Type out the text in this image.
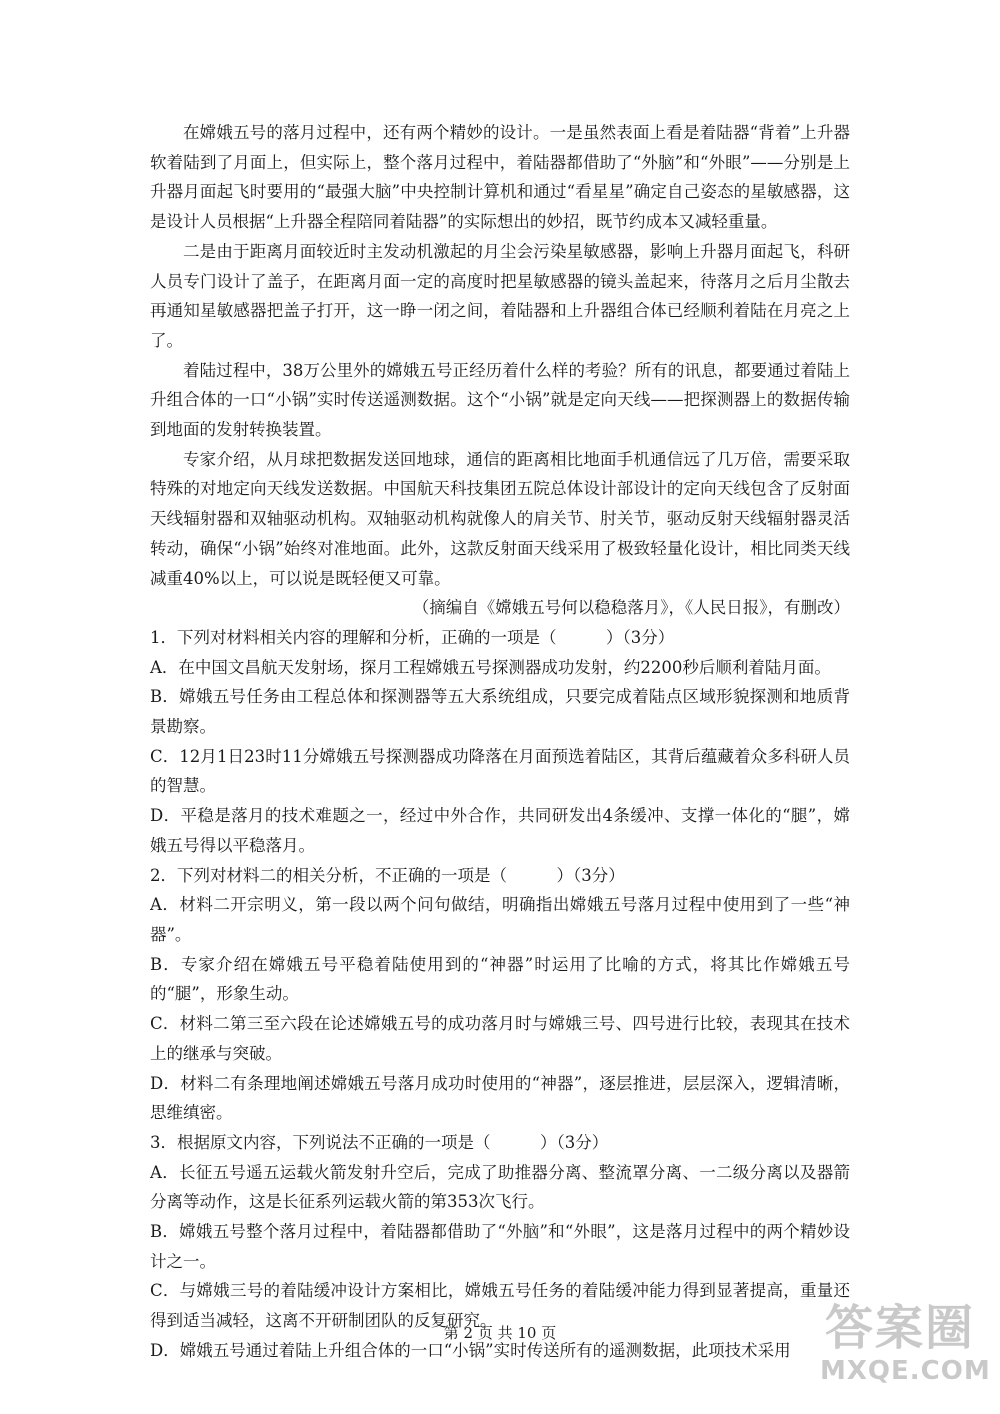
在嫦娥五号的落月过程中，还有两个精妙的设计。一是虽然表面上看是着陆器“背着”上升器软着陆到了月面上，但实际上，整个落月过程中，着陆器都借助了“外脑”和“外眼”——分别是上升器月面起飞时要用的“最强大脑”中央控制计算机和通过“看星星”确定自己姿态的星敏感器，这是设计人员根据“上升器全程陪同着陆器”的实际想出的妙招，既节约成本又减轻重量。

二是由于距离月面较近时主发动机激起的月尘会污染星敏感器，影响上升器月面起飞，科研人员专门设计了盖子，在距离月面一定的高度时把星敏感器的镜头盖起来，待落月之后月尘散去再通知星敏感器把盖子打开，这一睁一闭之间，着陆器和上升器组合体已经顺利着陆在月亮之上了。

着陆过程中，38万公里外的嫦娥五号正经历着什么样的考验？所有的讯息，都要通过着陆上升组合体的一口“小锅”实时传送遥测数据。这个“小锅”就是定向天线——把探测器上的数据传输到地面的发射转换装置。

专家介绍，从月球把数据发送回地球，通信的距离相比地面手机通信远了几万倍，需要采取特殊的对地定向天线发送数据。中国航天科技集团五院总体设计部设计的定向天线包含了反射面天线辐射器和双轴驱动机构。双轴驱动机构就像人的肩关节、肘关节，驱动反射天线辐射器灵活转动，确保“小锅”始终对准地面。此外，这款反射面天线采用了极致轻量化设计，相比同类天线减重40%以上，可以说是既轻便又可靠。

（摘编自《嫦娥五号何以稳稳落月》，《人民日报》，有删改）

1．下列对材料相关内容的理解和分析，正确的一项是（　　　）（3分）

A．在中国文昌航天发射场，探月工程嫦娥五号探测器成功发射，约2200秒后顺利着陆月面。

B．嫦娥五号任务由工程总体和探测器等五大系统组成，只要完成着陆点区域形貌探测和地质背景勘察。

C．12月1日23时11分嫦娥五号探测器成功降落在月面预选着陆区，其背后蕴藏着众多科研人员的智慧。

D．平稳是落月的技术难题之一，经过中外合作，共同研发出4条缓冲、支撑一体化的“腿”，嫦娥五号得以平稳落月。

2．下列对材料二的相关分析，不正确的一项是（　　　）（3分）

A．材料二开宗明义，第一段以两个问句做结，明确指出嫦娥五号落月过程中使用到了一些“神器”。

B．专家介绍在嫦娥五号平稳着陆使用到的“神器”时运用了比喻的方式，将其比作嫦娥五号的“腿”，形象生动。

C．材料二第三至六段在论述嫦娥五号的成功落月时与嫦娥三号、四号进行比较，表现其在技术上的继承与突破。

D．材料二有条理地阐述嫦娥五号落月成功时使用的“神器”，逐层推进，层层深入，逻辑清晰，思维缜密。

3．根据原文内容，下列说法不正确的一项是（　　　）（3分）

A．长征五号遥五运载火箭发射升空后，完成了助推器分离、整流罩分离、一二级分离以及器箭分离等动作，这是长征系列运载火箭的第353次飞行。

B．嫦娥五号整个落月过程中，着陆器都借助了“外脑”和“外眼”，这是落月过程中的两个精妙设计之一。

C．与嫦娥三号的着陆缓冲设计方案相比，嫦娥五号任务的着陆缓冲能力得到显著提高，重量还得到适当减轻，这离不开研制团队的反复研究。

D．嫦娥五号通过着陆上升组合体的一口“小锅”实时传送所有的遥测数据，此项技术采用

第 2 页 共 10 页	答案圈
MXQE.COM
